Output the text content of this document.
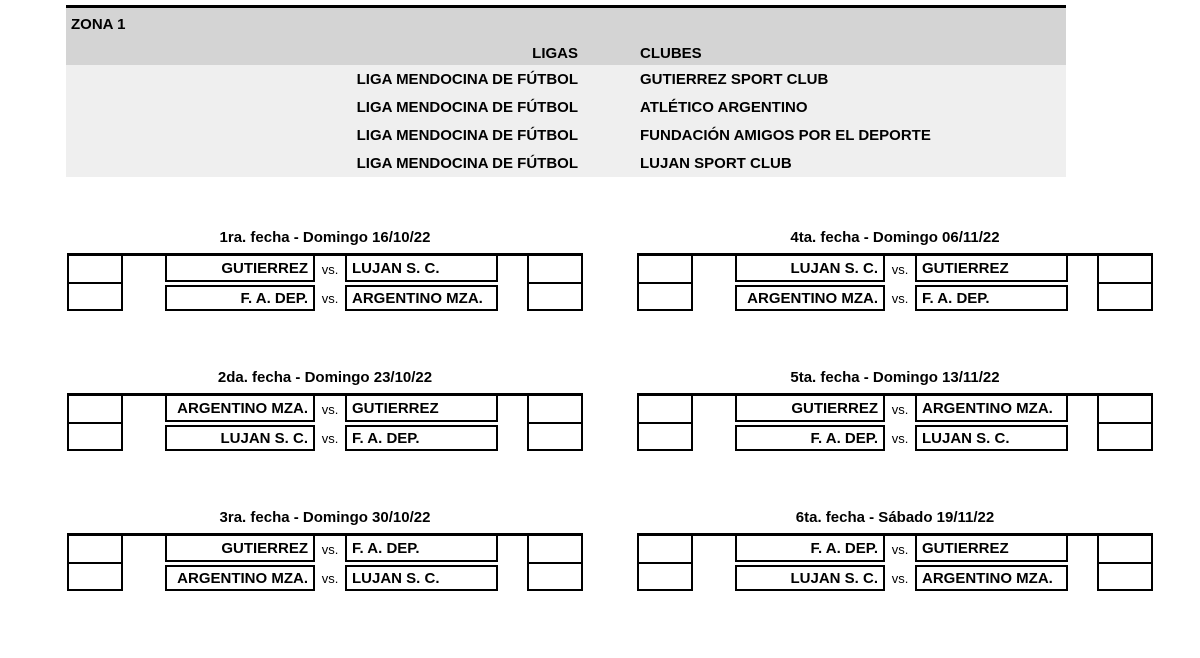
ZONA 1
LIGAS	CLUBES
LIGA MENDOCINA DE FÚTBOL	GUTIERREZ SPORT CLUB
LIGA MENDOCINA DE FÚTBOL	ATLÉTICO ARGENTINO
LIGA MENDOCINA DE FÚTBOL	FUNDACIÓN AMIGOS POR EL DEPORTE
LIGA MENDOCINA DE FÚTBOL	LUJAN SPORT CLUB
1ra. fecha - Domingo 16/10/22
GUTIERREZ	vs. LUJAN S. C.
F. A. DEP.	vs. ARGENTINO MZA.
4ta. fecha - Domingo 06/11/22
LUJAN S. C.	vs. GUTIERREZ
ARGENTINO MZA.	vs. F. A. DEP.
2da. fecha - Domingo 23/10/22
ARGENTINO MZA.	vs. GUTIERREZ
LUJAN S. C.	vs. F. A. DEP.
5ta. fecha - Domingo 13/11/22
GUTIERREZ	vs. ARGENTINO MZA.
F. A. DEP.	vs. LUJAN S. C.
3ra. fecha - Domingo 30/10/22
GUTIERREZ	vs. F. A. DEP.
ARGENTINO MZA.	vs. LUJAN S. C.
6ta. fecha - Sábado 19/11/22
F. A. DEP.	vs. GUTIERREZ
LUJAN S. C.	vs. ARGENTINO MZA.
